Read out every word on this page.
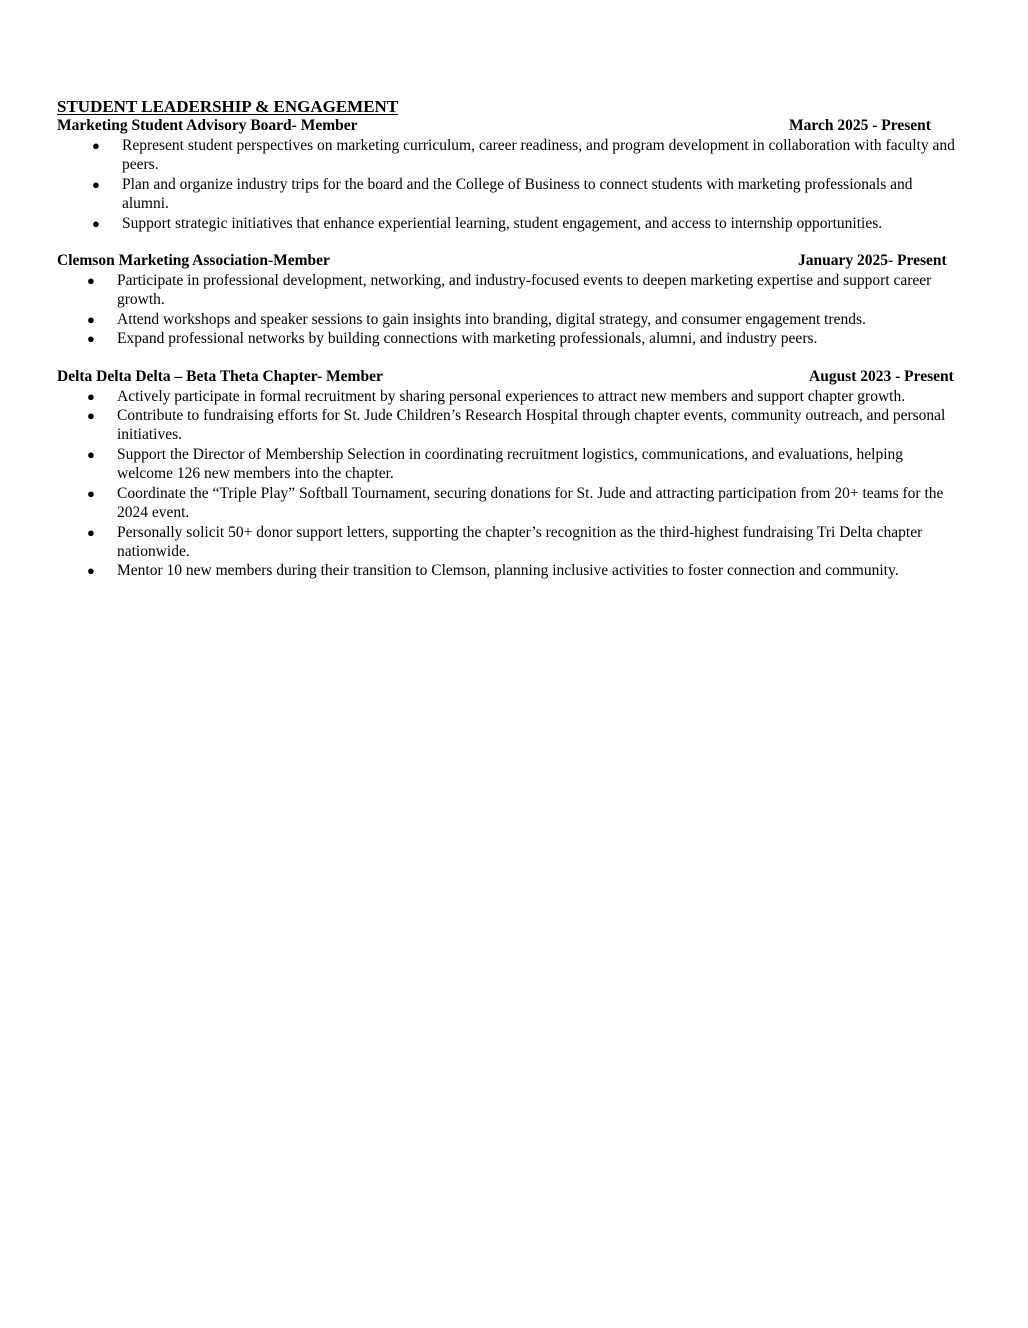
STUDENT LEADERSHIP & ENGAGEMENT
Marketing Student Advisory Board- Member	March 2025 - Present
● Represent student perspectives on marketing curriculum, career readiness, and program development in collaboration with faculty and peers.
● Plan and organize industry trips for the board and the College of Business to connect students with marketing professionals and alumni.
● Support strategic initiatives that enhance experiential learning, student engagement, and access to internship opportunities.
Clemson Marketing Association-Member	January 2025- Present
● Participate in professional development, networking, and industry-focused events to deepen marketing expertise and support career growth.
● Attend workshops and speaker sessions to gain insights into branding, digital strategy, and consumer engagement trends.
● Expand professional networks by building connections with marketing professionals, alumni, and industry peers.
Delta Delta Delta – Beta Theta Chapter- Member	August 2023 - Present
● Actively participate in formal recruitment by sharing personal experiences to attract new members and support chapter growth.
● Contribute to fundraising efforts for St. Jude Children’s Research Hospital through chapter events, community outreach, and personal initiatives.
● Support the Director of Membership Selection in coordinating recruitment logistics, communications, and evaluations, helping welcome 126 new members into the chapter.
● Coordinate the “Triple Play” Softball Tournament, securing donations for St. Jude and attracting participation from 20+ teams for the 2024 event.
● Personally solicit 50+ donor support letters, supporting the chapter’s recognition as the third-highest fundraising Tri Delta chapter nationwide.
● Mentor 10 new members during their transition to Clemson, planning inclusive activities to foster connection and community.
